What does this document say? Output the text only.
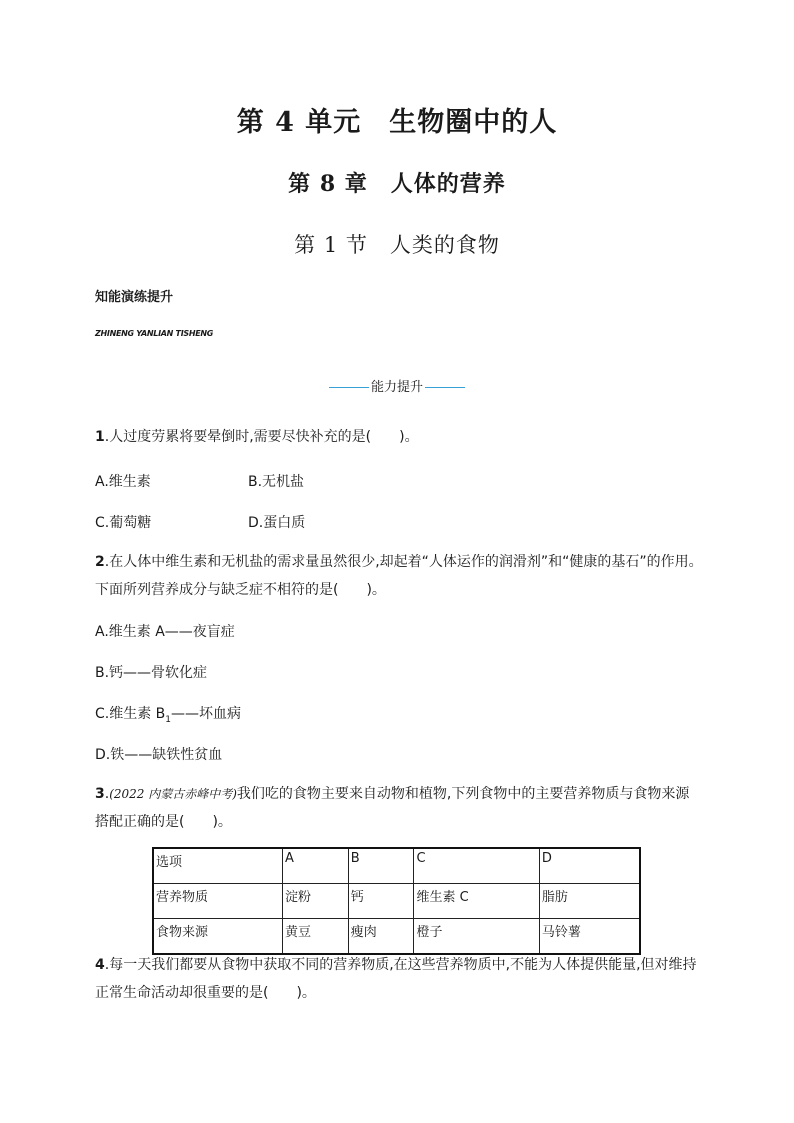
第 4 单元　生物圈中的人
第 8 章　人体的营养
第 1 节　人类的食物
知能演练提升
ZHINENG YANLIAN TISHENG
能力提升
1.人过度劳累将要晕倒时,需要尽快补充的是(　　)。
A.维生素	B.无机盐
C.葡萄糖	D.蛋白质
2.在人体中维生素和无机盐的需求量虽然很少,却起着“人体运作的润滑剂”和“健康的基石”的作用。
下面所列营养成分与缺乏症不相符的是(　　)。
A.维生素 A——夜盲症
B.钙——骨软化症
C.维生素 $B_1——$坏血病
D.铁——缺铁性贫血
3.(2022 内蒙古赤峰中考)我们吃的食物主要来自动物和植物,下列食物中的主要营养物质与食物来源
搭配正确的是(　　)。
选项	A	B	C	D
营养物质	淀粉	钙	维生素 C	脂肪
食物来源	黄豆	瘦肉	橙子	马铃薯
4.每一天我们都要从食物中获取不同的营养物质,在这些营养物质中,不能为人体提供能量,但对维持
正常生命活动却很重要的是(　　)。
